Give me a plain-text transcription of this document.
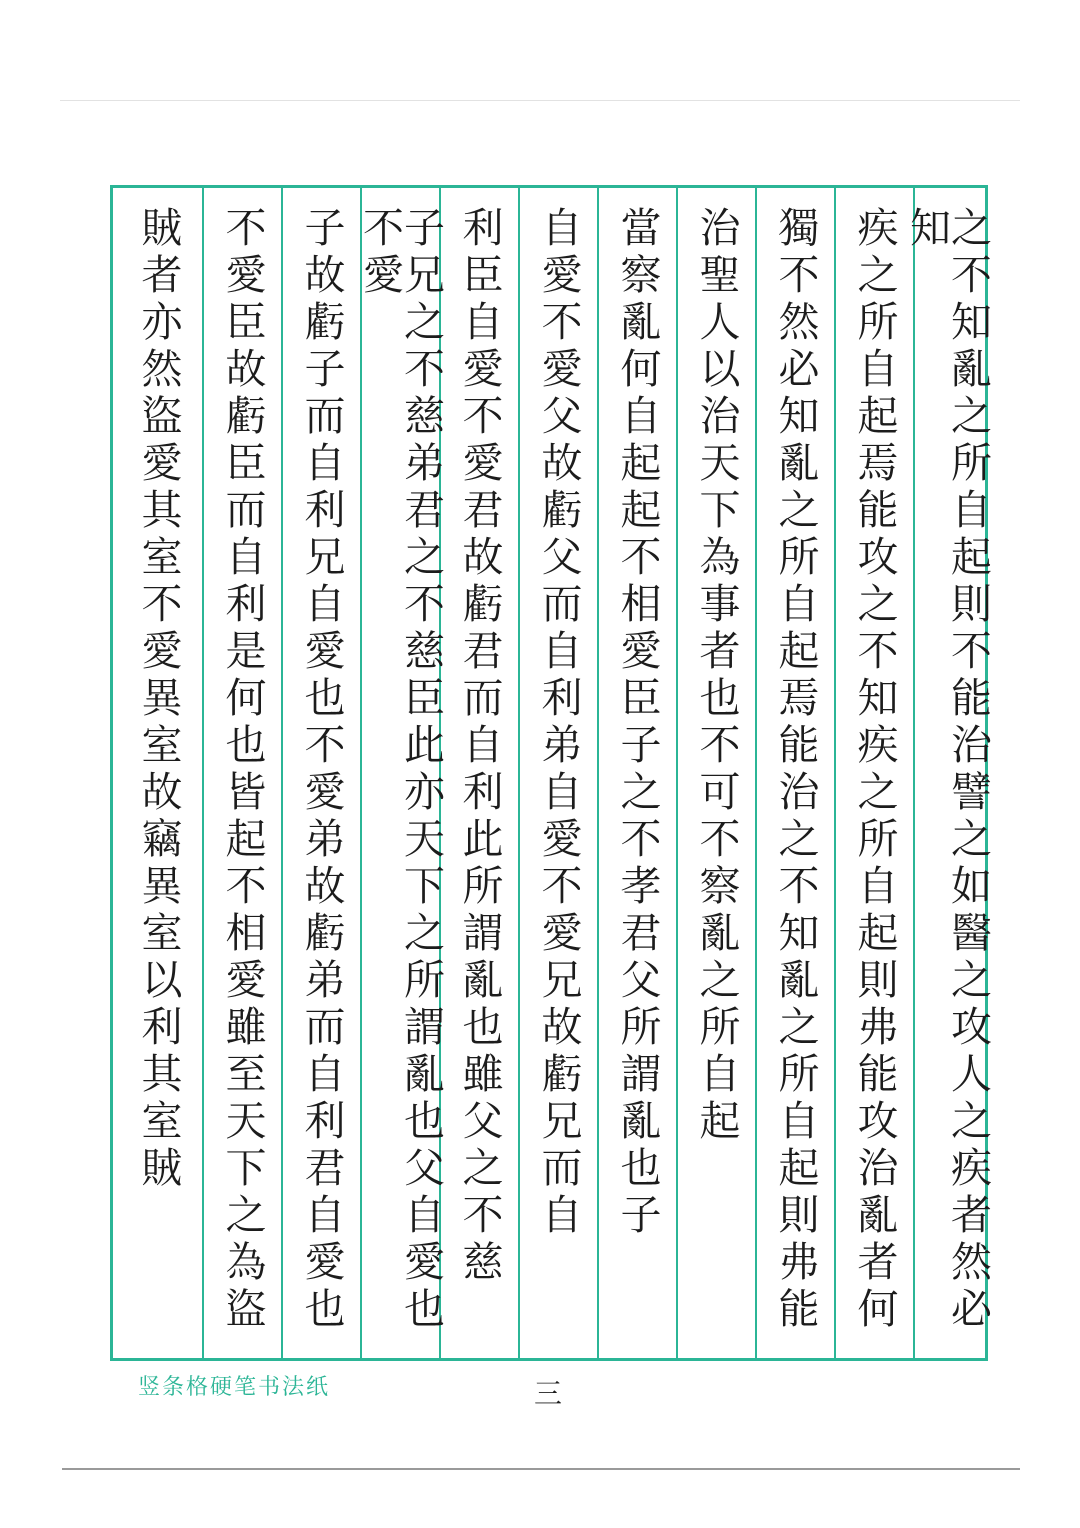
賊者亦然盜愛其室不愛異室故竊異室以利其室賊 不愛臣故虧臣而自利是何也皆起不相愛雖至天下之為盜 子故虧子而自利兄自愛也不愛弟故虧弟而自利君自愛也	子兄之不慈弟君之不慈臣此亦天下之所謂亂也父自愛也不愛	利臣自愛不愛君故虧君而自利此所謂亂也雖父之不慈 自愛不愛父故虧父而自利弟自愛不愛兄故虧兄而自 當察亂何自起起不相愛臣子之不孝君父所謂亂也子 治聖人以治天下為事者也不可不察亂之所自起 獨不然必知亂之所自起焉能治之不知亂之所自起則弗能 疾之所自起焉能攻之不知疾之所自起則弗能攻治亂者何	之不知亂之所自起則不能治譬之如醫之攻人之疾者然必知
竖条格硬笔书法纸	三
